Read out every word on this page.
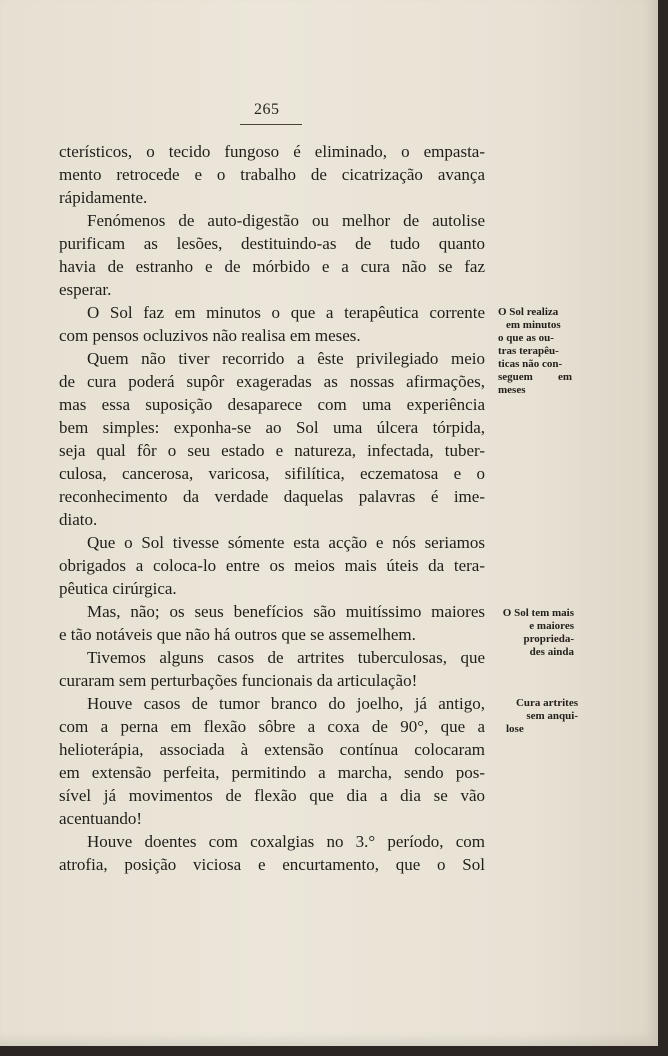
265
cterísticos, o tecido fungoso é eliminado, o empasta-
mento retrocede e o trabalho de cicatrização avança
rápidamente.
Fenómenos de auto-digestão ou melhor de autolise
purificam as lesões, destituindo-as de tudo quanto
havia de estranho e de mórbido e a cura não se faz
esperar.
O Sol faz em minutos o que a terapêutica corrente
com pensos ocluzivos não realisa em meses.
Quem não tiver recorrido a êste privilegiado meio
de cura poderá supôr exageradas as nossas afirmações,
mas essa suposição desaparece com uma experiência
bem simples: exponha-se ao Sol uma úlcera tórpida,
seja qual fôr o seu estado e natureza, infectada, tuber-
culosa, cancerosa, varicosa, sifilítica, eczematosa e o
reconhecimento da verdade daquelas palavras é ime-
diato.
Que o Sol tivesse sómente esta acção e nós seriamos
obrigados a coloca-lo entre os meios mais úteis da tera-
pêutica cirúrgica.
Mas, não; os seus benefícios são muitíssimo maiores
e tão notáveis que não há outros que se assemelhem.
Tivemos alguns casos de artrites tuberculosas, que
curaram sem perturbações funcionais da articulação!
Houve casos de tumor branco do joelho, já antigo,
com a perna em flexão sôbre a coxa de 90°, que a
helioterápia, associada à extensão contínua colocaram
em extensão perfeita, permitindo a marcha, sendo pos-
sível já movimentos de flexão que dia a dia se vão
acentuando!
Houve doentes com coxalgias no 3.° período, com
atrofia, posição viciosa e encurtamento, que o Sol
O Sol realiza
em minutos
o que as ou-
tras terapêu-
ticas não con-
seguem em
meses
O Sol tem mais
e maiores
proprieda-
des ainda
Cura artrites
sem anqui-
lose
